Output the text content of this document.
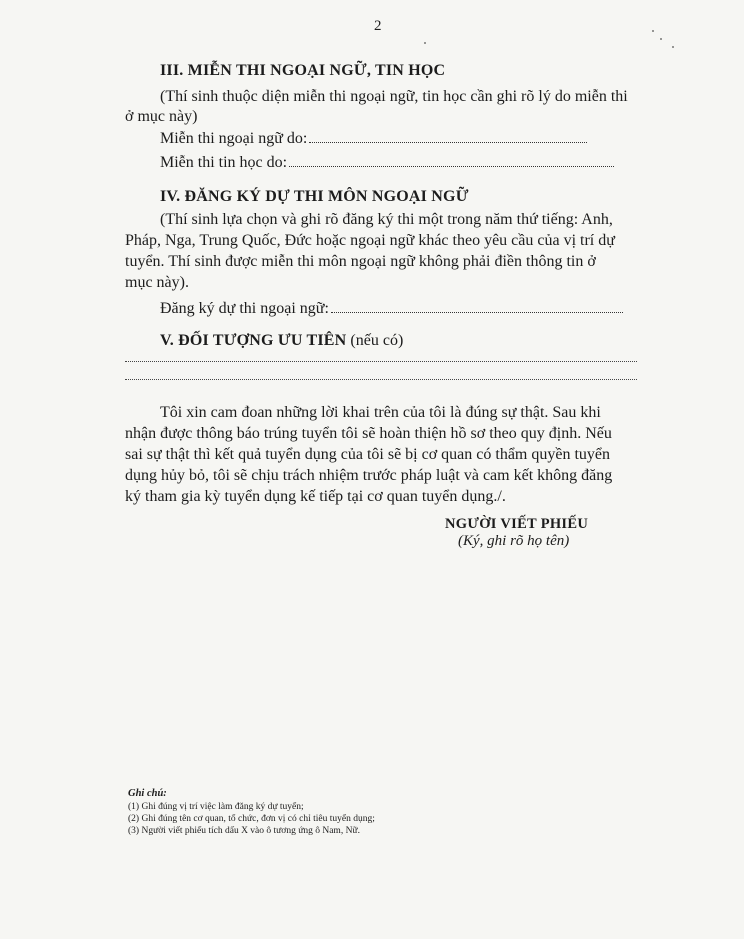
2
III. MIỄN THI NGOẠI NGỮ, TIN HỌC
(Thí sinh thuộc diện miễn thi ngoại ngữ, tin học cần ghi rõ lý do miễn thi
ở mục này)
Miễn thi ngoại ngữ do:
Miễn thi tin học do:
IV. ĐĂNG KÝ DỰ THI MÔN NGOẠI NGỮ
(Thí sinh lựa chọn và ghi rõ đăng ký thi một trong năm thứ tiếng: Anh,
Pháp, Nga, Trung Quốc, Đức hoặc ngoại ngữ khác theo yêu cầu của vị trí dự
tuyển. Thí sinh được miễn thi môn ngoại ngữ không phải điền thông tin ở
mục này).
Đăng ký dự thi ngoại ngữ:
V. ĐỐI TƯỢNG ƯU TIÊN (nếu có)
Tôi xin cam đoan những lời khai trên của tôi là đúng sự thật. Sau khi
nhận được thông báo trúng tuyển tôi sẽ hoàn thiện hồ sơ theo quy định. Nếu
sai sự thật thì kết quả tuyển dụng của tôi sẽ bị cơ quan có thẩm quyền tuyển
dụng hủy bỏ, tôi sẽ chịu trách nhiệm trước pháp luật và cam kết không đăng
ký tham gia kỳ tuyển dụng kế tiếp tại cơ quan tuyển dụng./.
NGƯỜI VIẾT PHIẾU
(Ký, ghi rõ họ tên)
Ghi chú:
(1) Ghi đúng vị trí việc làm đăng ký dự tuyển;
(2) Ghi đúng tên cơ quan, tổ chức, đơn vị có chỉ tiêu tuyển dụng;
(3) Người viết phiếu tích dấu X vào ô tương ứng ô Nam, Nữ.
